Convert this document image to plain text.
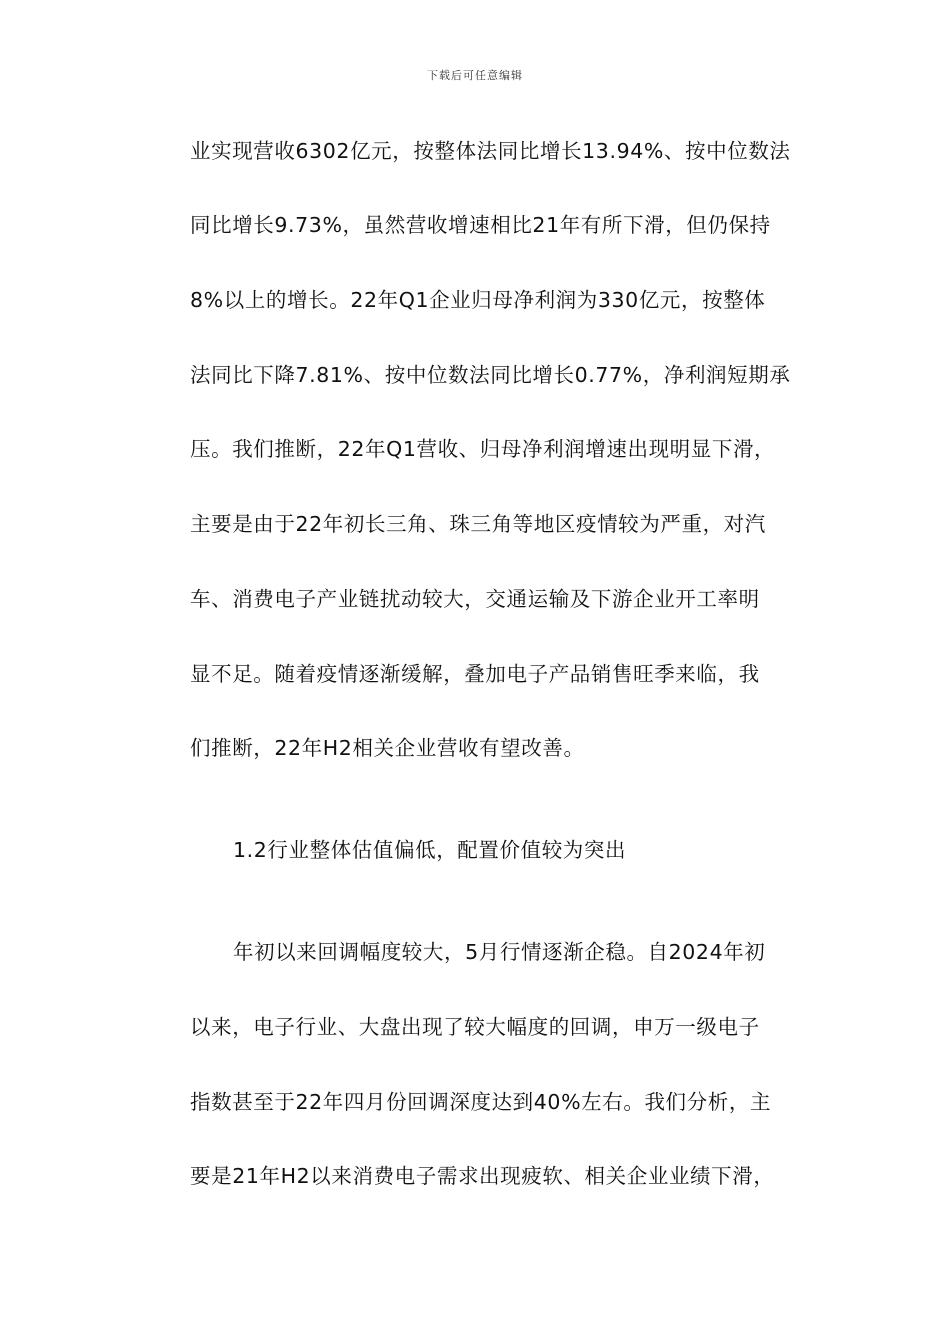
下载后可任意编辑
业实现营收6302亿元，按整体法同比增长13.94%、按中位数法
同比增长9.73%，虽然营收增速相比21年有所下滑，但仍保持
8%以上的增长。22年Q1企业归母净利润为330亿元，按整体
法同比下降7.81%、按中位数法同比增长0.77%，净利润短期承
压。我们推断，22年Q1营收、归母净利润增速出现明显下滑，
主要是由于22年初长三角、珠三角等地区疫情较为严重，对汽
车、消费电子产业链扰动较大，交通运输及下游企业开工率明
显不足。随着疫情逐渐缓解，叠加电子产品销售旺季来临，我
们推断，22年H2相关企业营收有望改善。
1.2行业整体估值偏低，配置价值较为突出
年初以来回调幅度较大，5月行情逐渐企稳。自2024年初
以来，电子行业、大盘出现了较大幅度的回调，申万一级电子
指数甚至于22年四月份回调深度达到40%左右。我们分析，主
要是21年H2以来消费电子需求出现疲软、相关企业业绩下滑，
